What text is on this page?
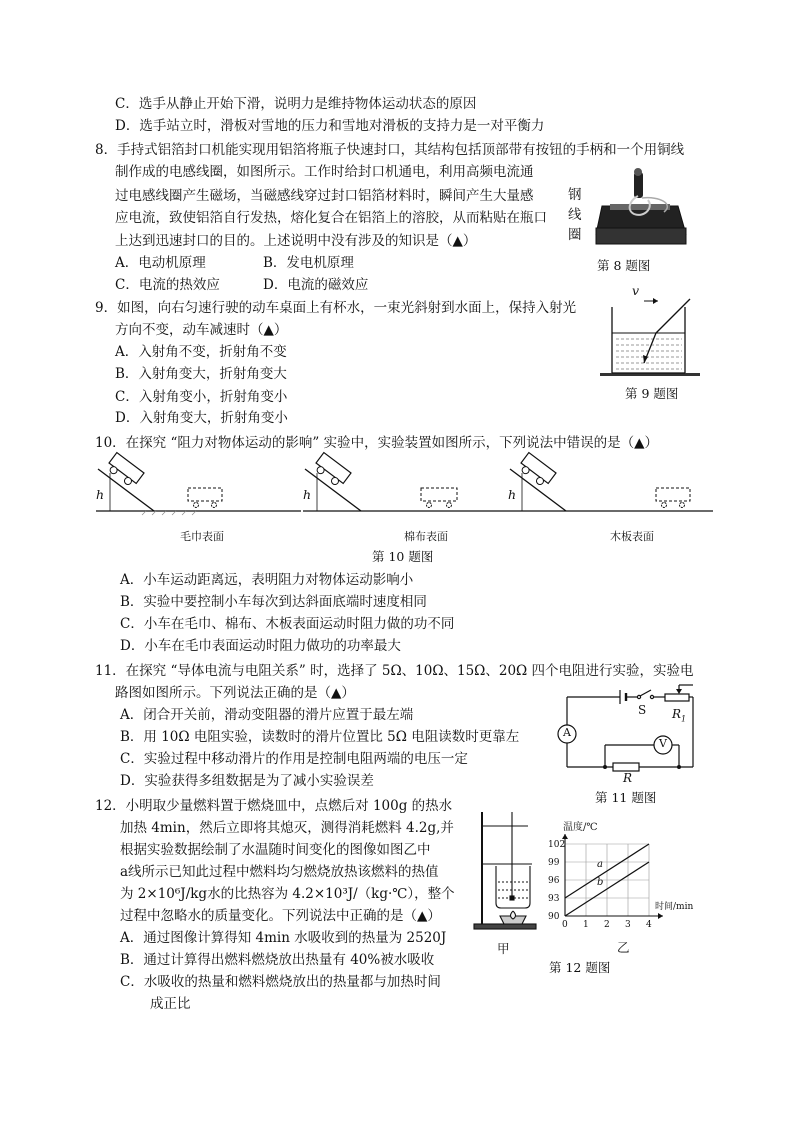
C．选手从静止开始下滑，说明力是维持物体运动状态的原因
D．选手站立时，滑板对雪地的压力和雪地对滑板的支持力是一对平衡力
8．手持式铝箔封口机能实现用铝箔将瓶子快速封口，其结构包括顶部带有按钮的手柄和一个用铜线
制作成的电感线圈，如图所示。工作时给封口机通电，利用高频电流通
过电感线圈产生磁场，当磁感线穿过封口铝箔材料时，瞬间产生大量感
应电流，致使铝箔自行发热，熔化复合在铝箔上的溶胶，从而粘贴在瓶口
上达到迅速封口的目的。上述说明中没有涉及的知识是（▲）
A．电动机原理	B．发电机原理
C．电流的热效应	D．电流的磁效应
钢
线
圈
第 8 题图
9．如图，向右匀速行驶的动车桌面上有杯水，一束光斜射到水面上，保持入射光
方向不变，动车减速时（▲）
A．入射角不变，折射角不变
B．入射角变大，折射角变大
C．入射角变小，折射角变小
D．入射角变大，折射角变小
v
第 9 题图
10．在探究 “阻力对物体运动的影响” 实验中，实验装置如图所示，下列说法中错误的是（▲）
h
毛巾表面
h
棉布表面
h
木板表面
第 10 题图
A．小车运动距离远，表明阻力对物体运动影响小
B．实验中要控制小车每次到达斜面底端时速度相同
C．小车在毛巾、棉布、木板表面运动时阻力做的功不同
D．小车在毛巾表面运动时阻力做功的功率最大
11．在探究 “导体电流与电阻关系” 时，选择了 5Ω、10Ω、15Ω、20Ω 四个电阻进行实验，实验电
路图如图所示。下列说法正确的是（▲）
A．闭合开关前，滑动变阻器的滑片应置于最左端
B．用 10Ω 电阻实验，读数时的滑片位置比 5Ω 电阻读数时更靠左
C．实验过程中移动滑片的作用是控制电阻两端的电压一定
D．实验获得多组数据是为了减小实验误差
A
V
S $R_1$
R
第 11 题图
12．小明取少量燃料置于燃烧皿中，点燃后对 100g 的热水
加热 4min，然后立即将其熄灭，测得消耗燃料 4.2g,并
根据实验数据绘制了水温随时间变化的图像如图乙中
a线所示已知此过程中燃料均匀燃烧放热该燃料的热值
为 2×10⁶J/kg水的比热容为 4.2×10³J/（kg·℃），整个
过程中忽略水的质量变化。下列说法中正确的是（▲）
A．通过图像计算得知 4min 水吸收到的热量为 2520J
B．通过计算得出燃料燃烧放出热量有 40%被水吸收
C．水吸收的热量和燃料燃烧放出的热量都与加热时间
成正比
甲
温度/℃
时间/min
0 1 2 3 4
90
93
96
99
102
a
b
乙
第 12 题图
